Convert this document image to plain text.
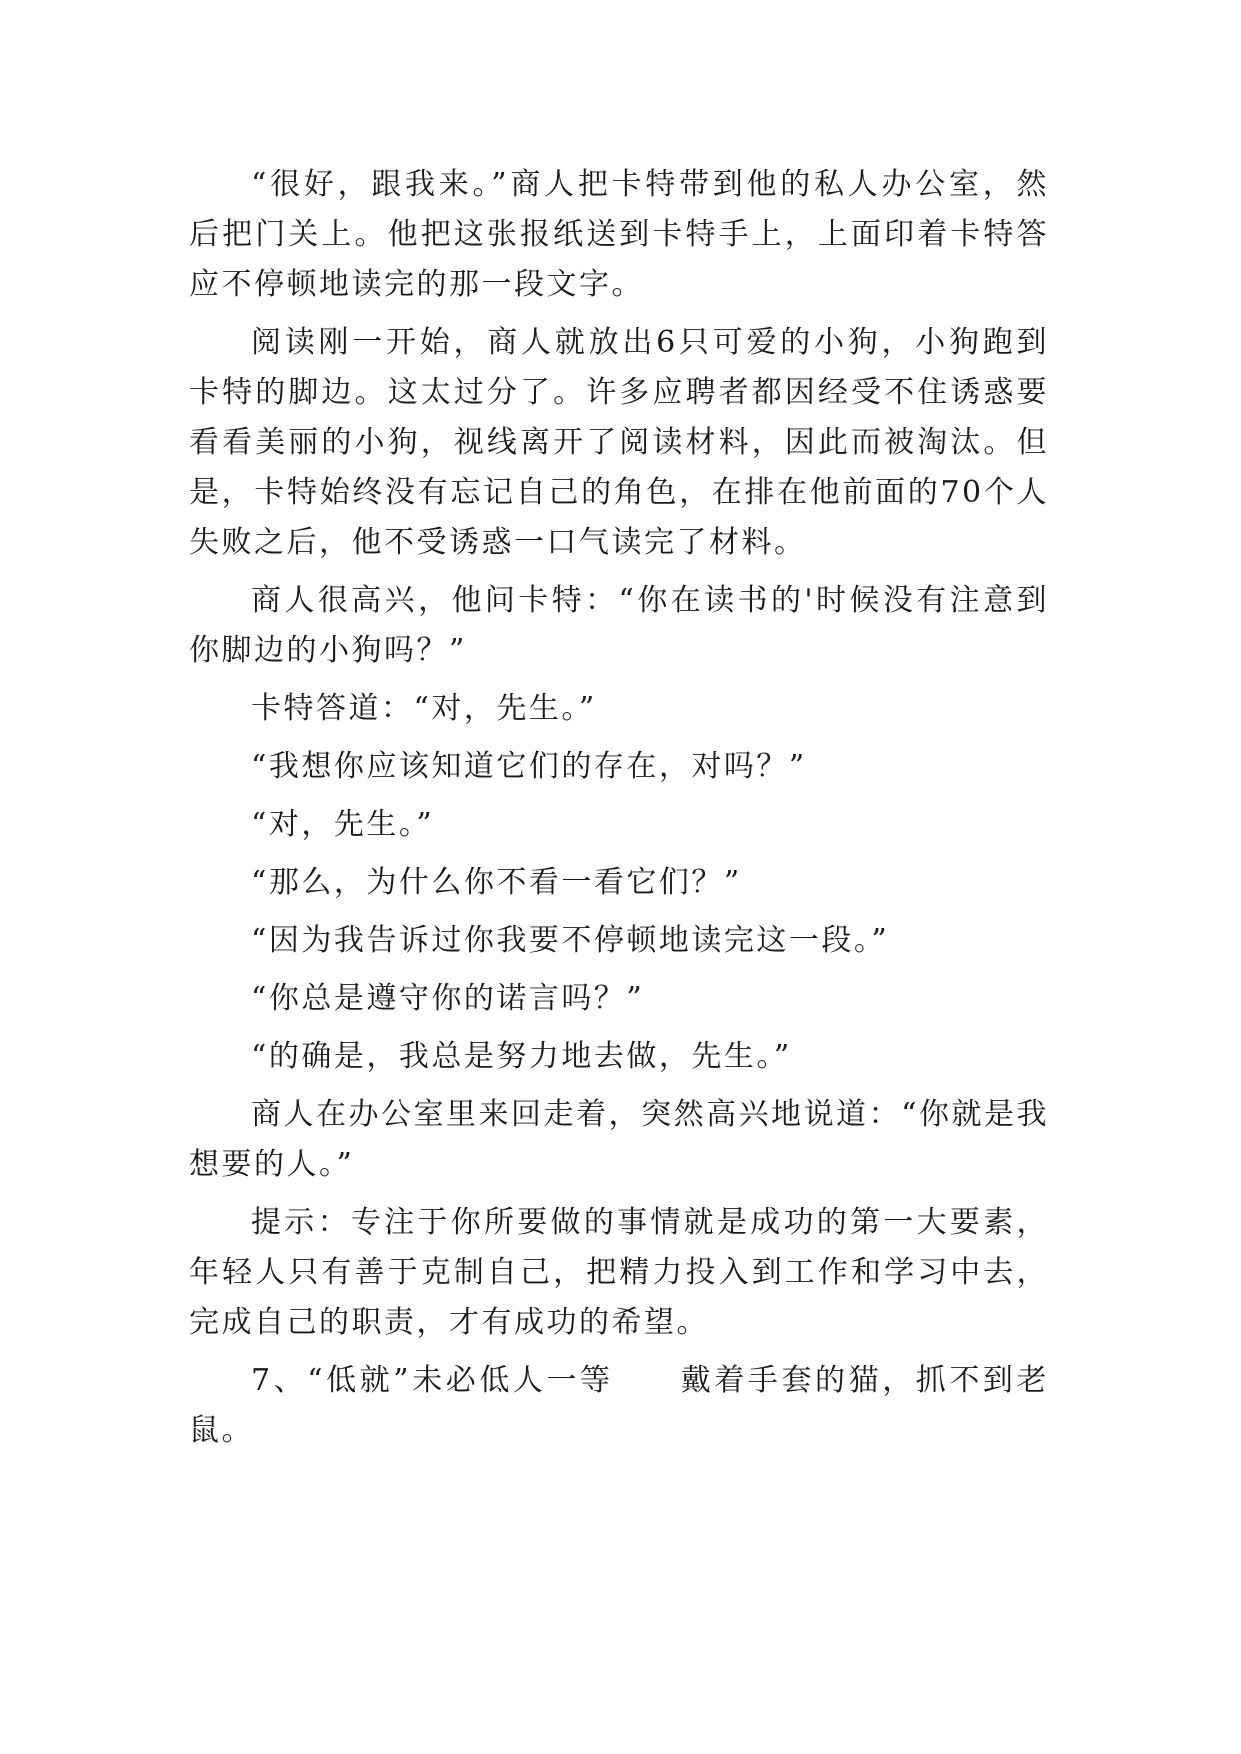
“很好，跟我来。”商人把卡特带到他的私人办公室，然后把门关上。他把这张报纸送到卡特手上，上面印着卡特答应不停顿地读完的那一段文字。

阅读刚一开始，商人就放出6只可爱的小狗，小狗跑到卡特的脚边。这太过分了。许多应聘者都因经受不住诱惑要看看美丽的小狗，视线离开了阅读材料，因此而被淘汰。但是，卡特始终没有忘记自己的角色，在排在他前面的70个人失败之后，他不受诱惑一口气读完了材料。

商人很高兴，他问卡特：“你在读书的'时候没有注意到你脚边的小狗吗？”

卡特答道：“对，先生。”

“我想你应该知道它们的存在，对吗？”

“对，先生。”

“那么，为什么你不看一看它们？”

“因为我告诉过你我要不停顿地读完这一段。”

“你总是遵守你的诺言吗？”

“的确是，我总是努力地去做，先生。”

商人在办公室里来回走着，突然高兴地说道：“你就是我想要的人。”

提示：专注于你所要做的事情就是成功的第一大要素，年轻人只有善于克制自己，把精力投入到工作和学习中去，完成自己的职责，才有成功的希望。

7、“低就”未必低人一等　　戴着手套的猫，抓不到老鼠。
